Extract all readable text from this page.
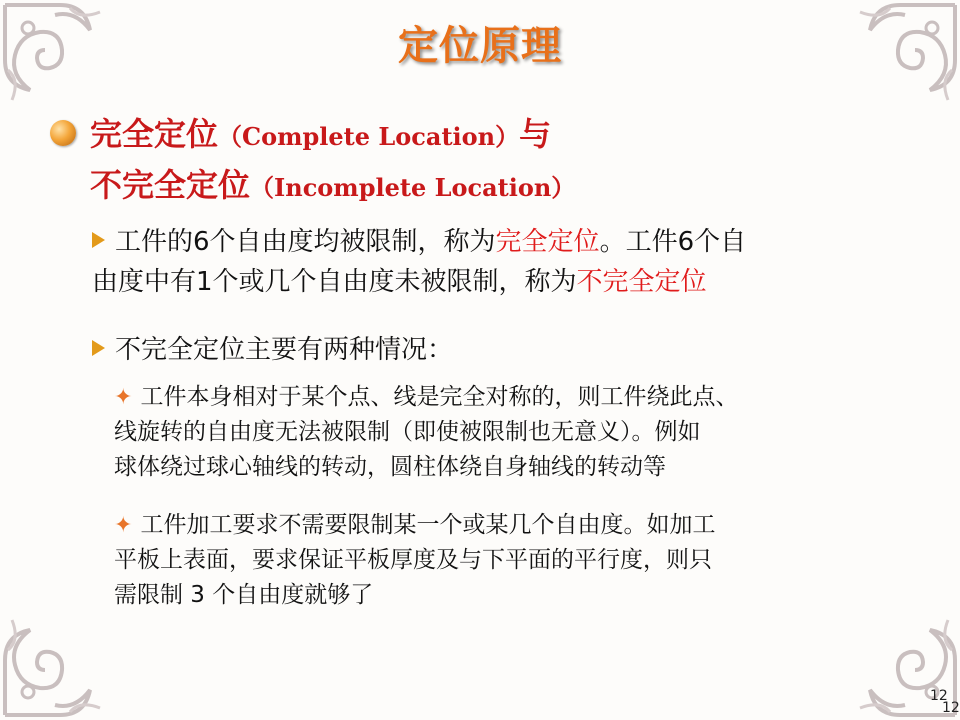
定位原理
完全定位（Complete Location）与
不完全定位（Incomplete Location）
工件的6个自由度均被限制，称为完全定位。工件6个自
由度中有1个或几个自由度未被限制，称为不完全定位
不完全定位主要有两种情况：
✦ 工件本身相对于某个点、线是完全对称的，则工件绕此点、
线旋转的自由度无法被限制（即使被限制也无意义）。例如
球体绕过球心轴线的转动，圆柱体绕自身轴线的转动等
✦ 工件加工要求不需要限制某一个或某几个自由度。如加工
平板上表面，要求保证平板厚度及与下平面的平行度，则只
需限制 3 个自由度就够了
12
12
